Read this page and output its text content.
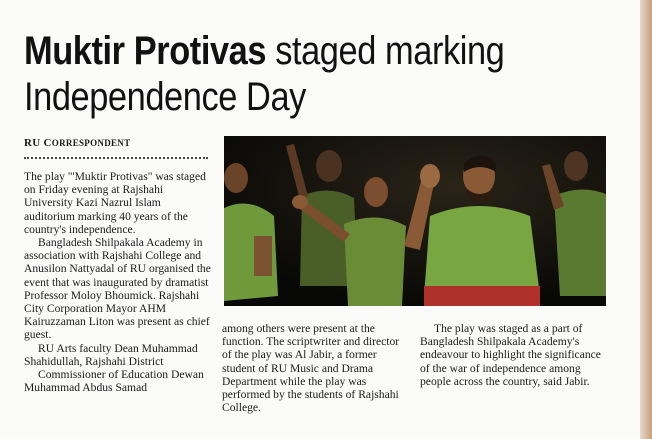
Muktir Protivas staged marking
Independence Day
RU CORRESPONDENT

The play "'Muktir Protivas" was staged on Friday evening at Rajshahi University Kazi Nazrul Islam auditorium marking 40 years of the country's independence.

Bangladesh Shilpakala Academy in association with Rajshahi College and Anusilon Nattyadal of RU organised the event that was inaugurated by dramatist Professor Moloy Bhoumick. Rajshahi City Corporation Mayor AHM Kairuzzaman Liton was present as chief guest.

RU Arts faculty Dean Muhammad Shahidullah, Rajshahi District

Commissioner of Education Dewan Muhammad Abdus Samad

among others were present at the function. The scriptwriter and director of the play was Al Jabir, a former student of RU Music and Drama Department while the play was performed by the students of Rajshahi College.

The play was staged as a part of Bangladesh Shilpakala Academy's endeavour to highlight the significance of the war of independence among people across the country, said Jabir.
